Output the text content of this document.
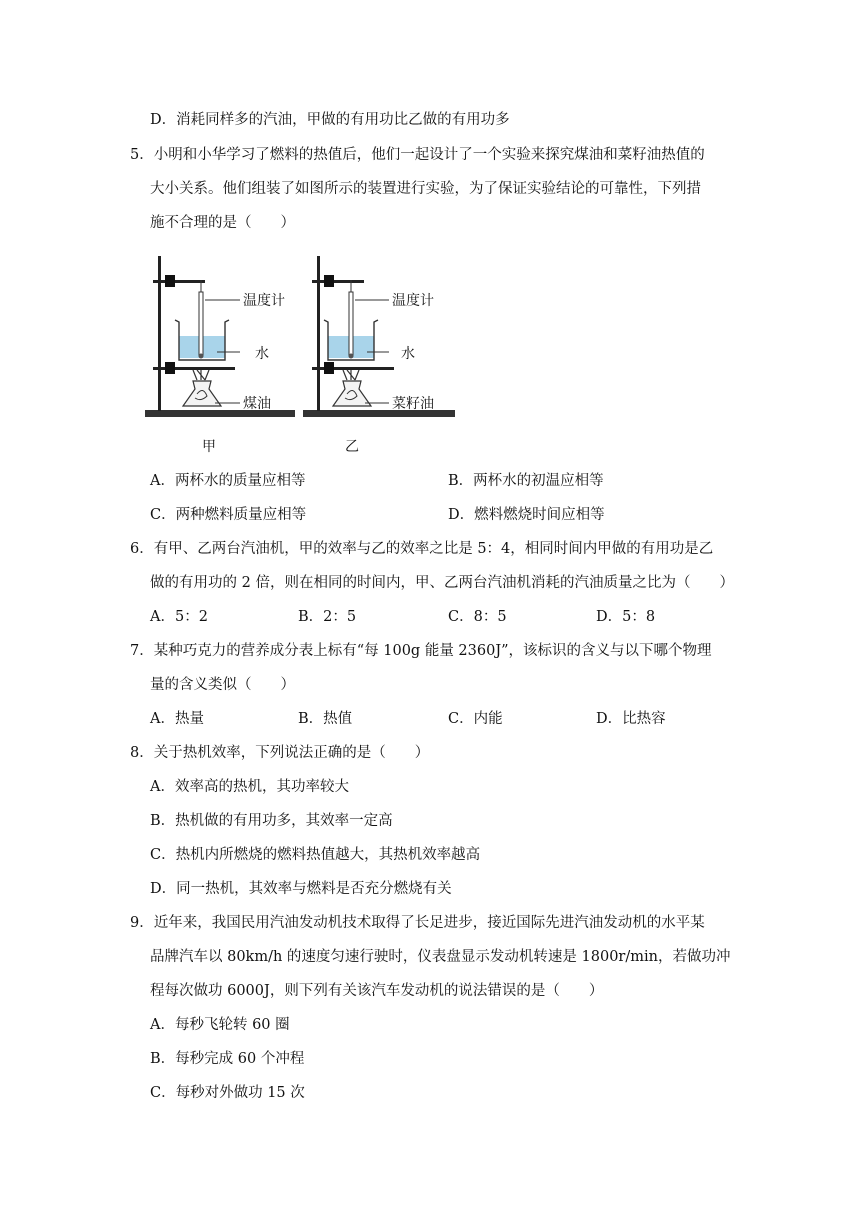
D．消耗同样多的汽油，甲做的有用功比乙做的有用功多
5．小明和小华学习了燃料的热值后，他们一起设计了一个实验来探究煤油和菜籽油热值的
大小关系。他们组装了如图所示的装置进行实验，为了保证实验结论的可靠性，下列措
施不合理的是（　　）
温度计
水
煤油
甲
温度计
水
菜籽油
乙
A．两杯水的质量应相等	B．两杯水的初温应相等
C．两种燃料质量应相等	D．燃料燃烧时间应相等
6．有甲、乙两台汽油机，甲的效率与乙的效率之比是 5：4，相同时间内甲做的有用功是乙
做的有用功的 2 倍，则在相同的时间内，甲、乙两台汽油机消耗的汽油质量之比为（　　）
A．5：2	B．2：5	C．8：5	D．5：8
7．某种巧克力的营养成分表上标有“每 100g 能量 2360J”，该标识的含义与以下哪个物理
量的含义类似（　　）
A．热量	B．热值	C．内能	D．比热容
8．关于热机效率，下列说法正确的是（　　）
A．效率高的热机，其功率较大
B．热机做的有用功多，其效率一定高
C．热机内所燃烧的燃料热值越大，其热机效率越高
D．同一热机，其效率与燃料是否充分燃烧有关
9．近年来，我国民用汽油发动机技术取得了长足进步，接近国际先进汽油发动机的水平某
品牌汽车以 80km/h 的速度匀速行驶时，仪表盘显示发动机转速是 1800r/min，若做功冲
程每次做功 6000J，则下列有关该汽车发动机的说法错误的是（　　）
A．每秒飞轮转 60 圈
B．每秒完成 60 个冲程
C．每秒对外做功 15 次
